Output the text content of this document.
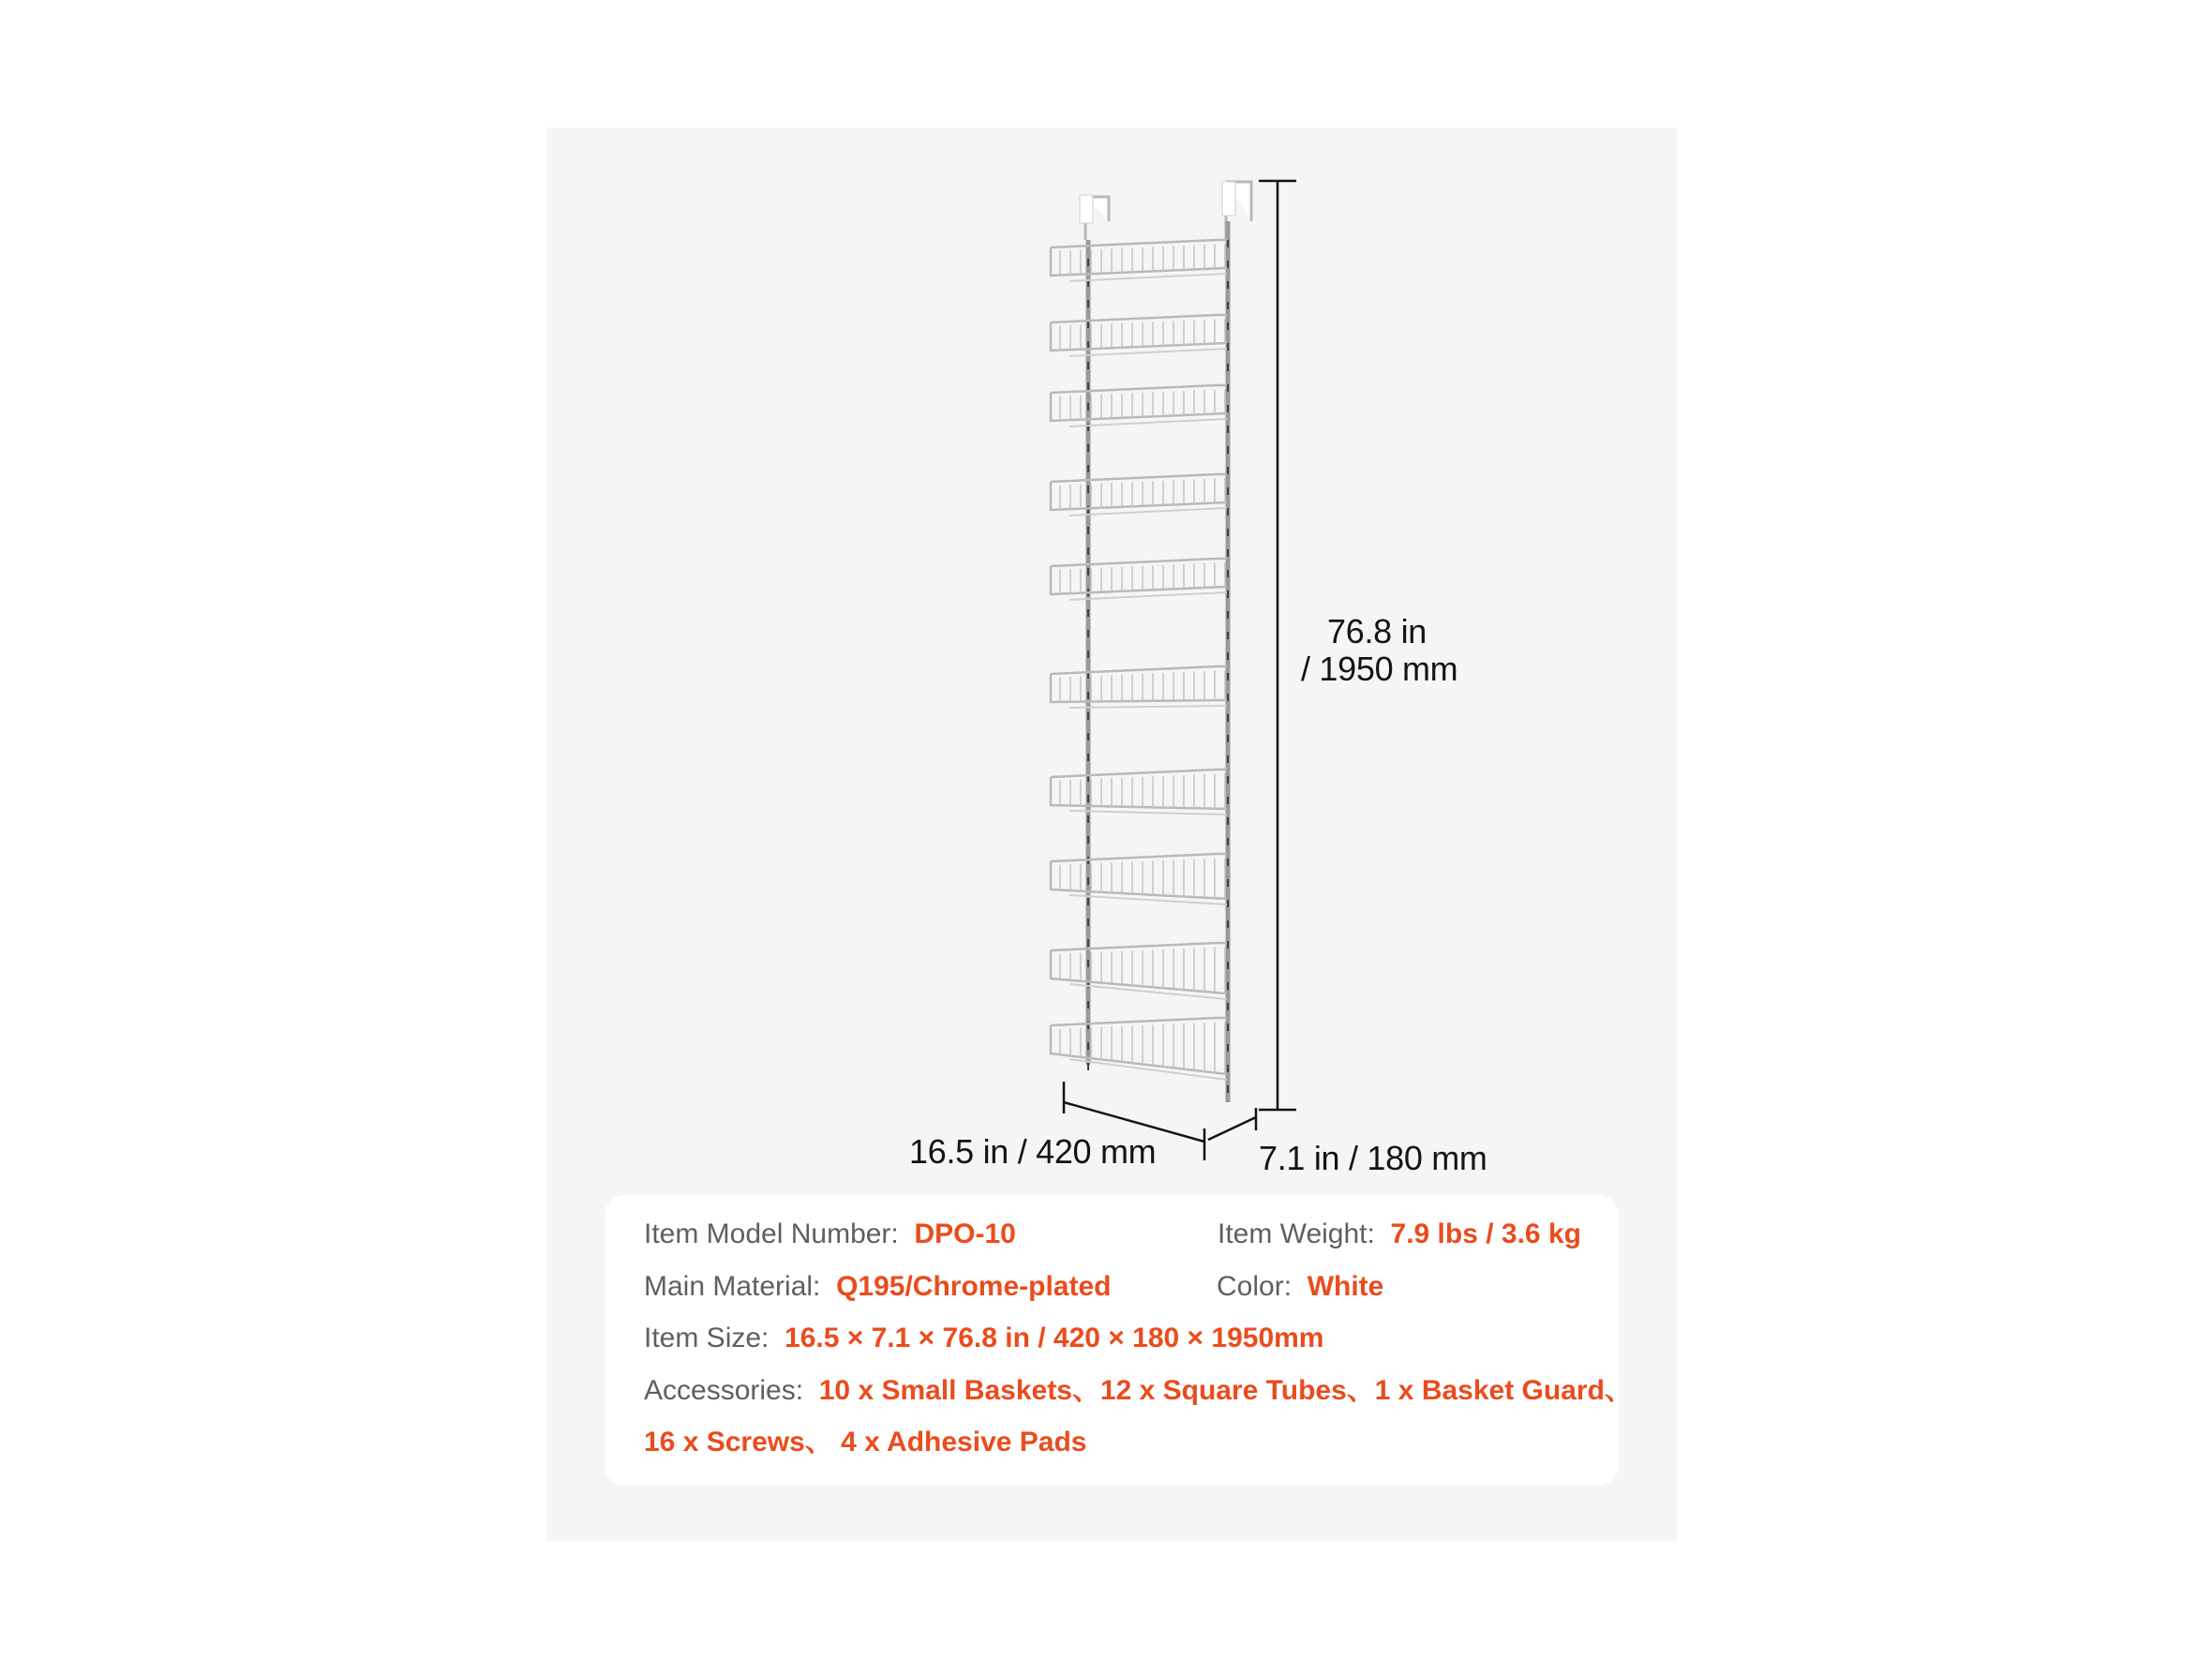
76.8 in
/ 1950 mm
16.5 in / 420 mm	7.1 in / 180 mm
Item Model Number: DPO-10	Item Weight: 7.9 lbs / 3.6 kg
Main Material: Q195/Chrome-plated	Color: White
Item Size: 16.5 × 7.1 × 76.8 in / 420 × 180 × 1950mm
Accessories: 10 x Small Baskets、12 x Square Tubes、1 x Basket Guard、
16 x Screws、 4 x Adhesive Pads
